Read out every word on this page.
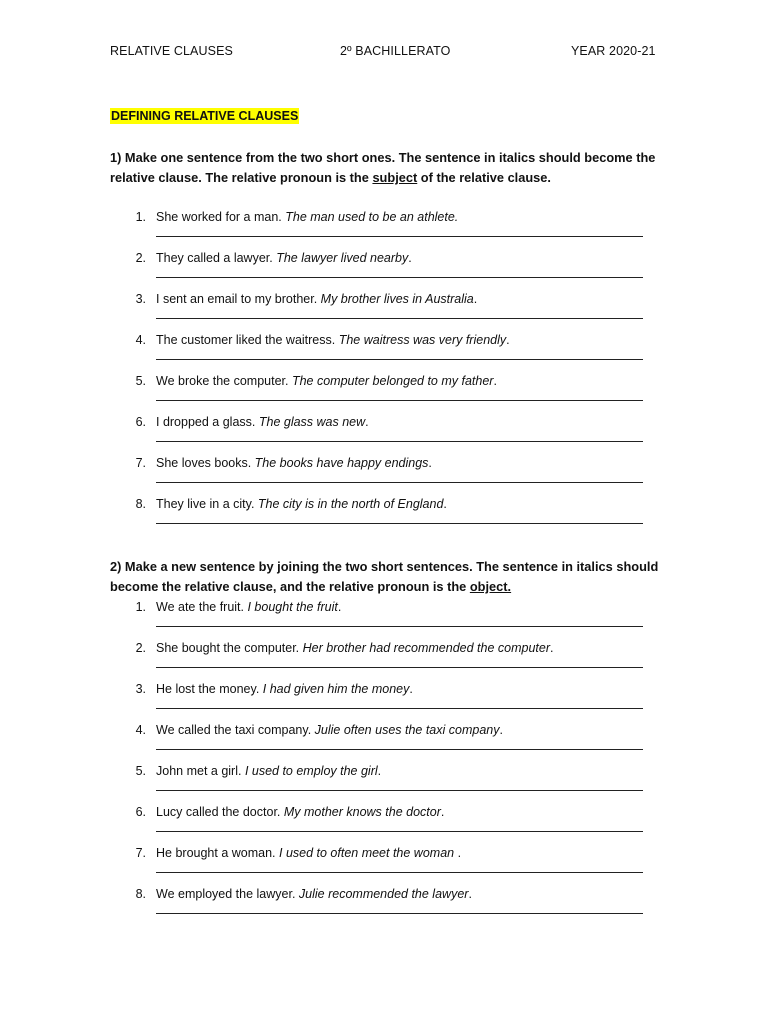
RELATIVE CLAUSES	2º BACHILLERATO	YEAR 2020-21
DEFINING RELATIVE CLAUSES
1) Make one sentence from the two short ones. The sentence in italics should become the relative clause. The relative pronoun is the subject of the relative clause.
1. She worked for a man. The man used to be an athlete.
2. They called a lawyer. The lawyer lived nearby.
3. I sent an email to my brother. My brother lives in Australia.
4. The customer liked the waitress. The waitress was very friendly.
5. We broke the computer. The computer belonged to my father.
6. I dropped a glass. The glass was new.
7. She loves books. The books have happy endings.
8. They live in a city. The city is in the north of England.
2) Make a new sentence by joining the two short sentences. The sentence in italics should become the relative clause, and the relative pronoun is the object.
1. We ate the fruit. I bought the fruit.
2. She bought the computer. Her brother had recommended the computer.
3. He lost the money. I had given him the money.
4. We called the taxi company. Julie often uses the taxi company.
5. John met a girl. I used to employ the girl.
6. Lucy called the doctor. My mother knows the doctor.
7. He brought a woman. I used to often meet the woman .
8. We employed the lawyer. Julie recommended the lawyer.
